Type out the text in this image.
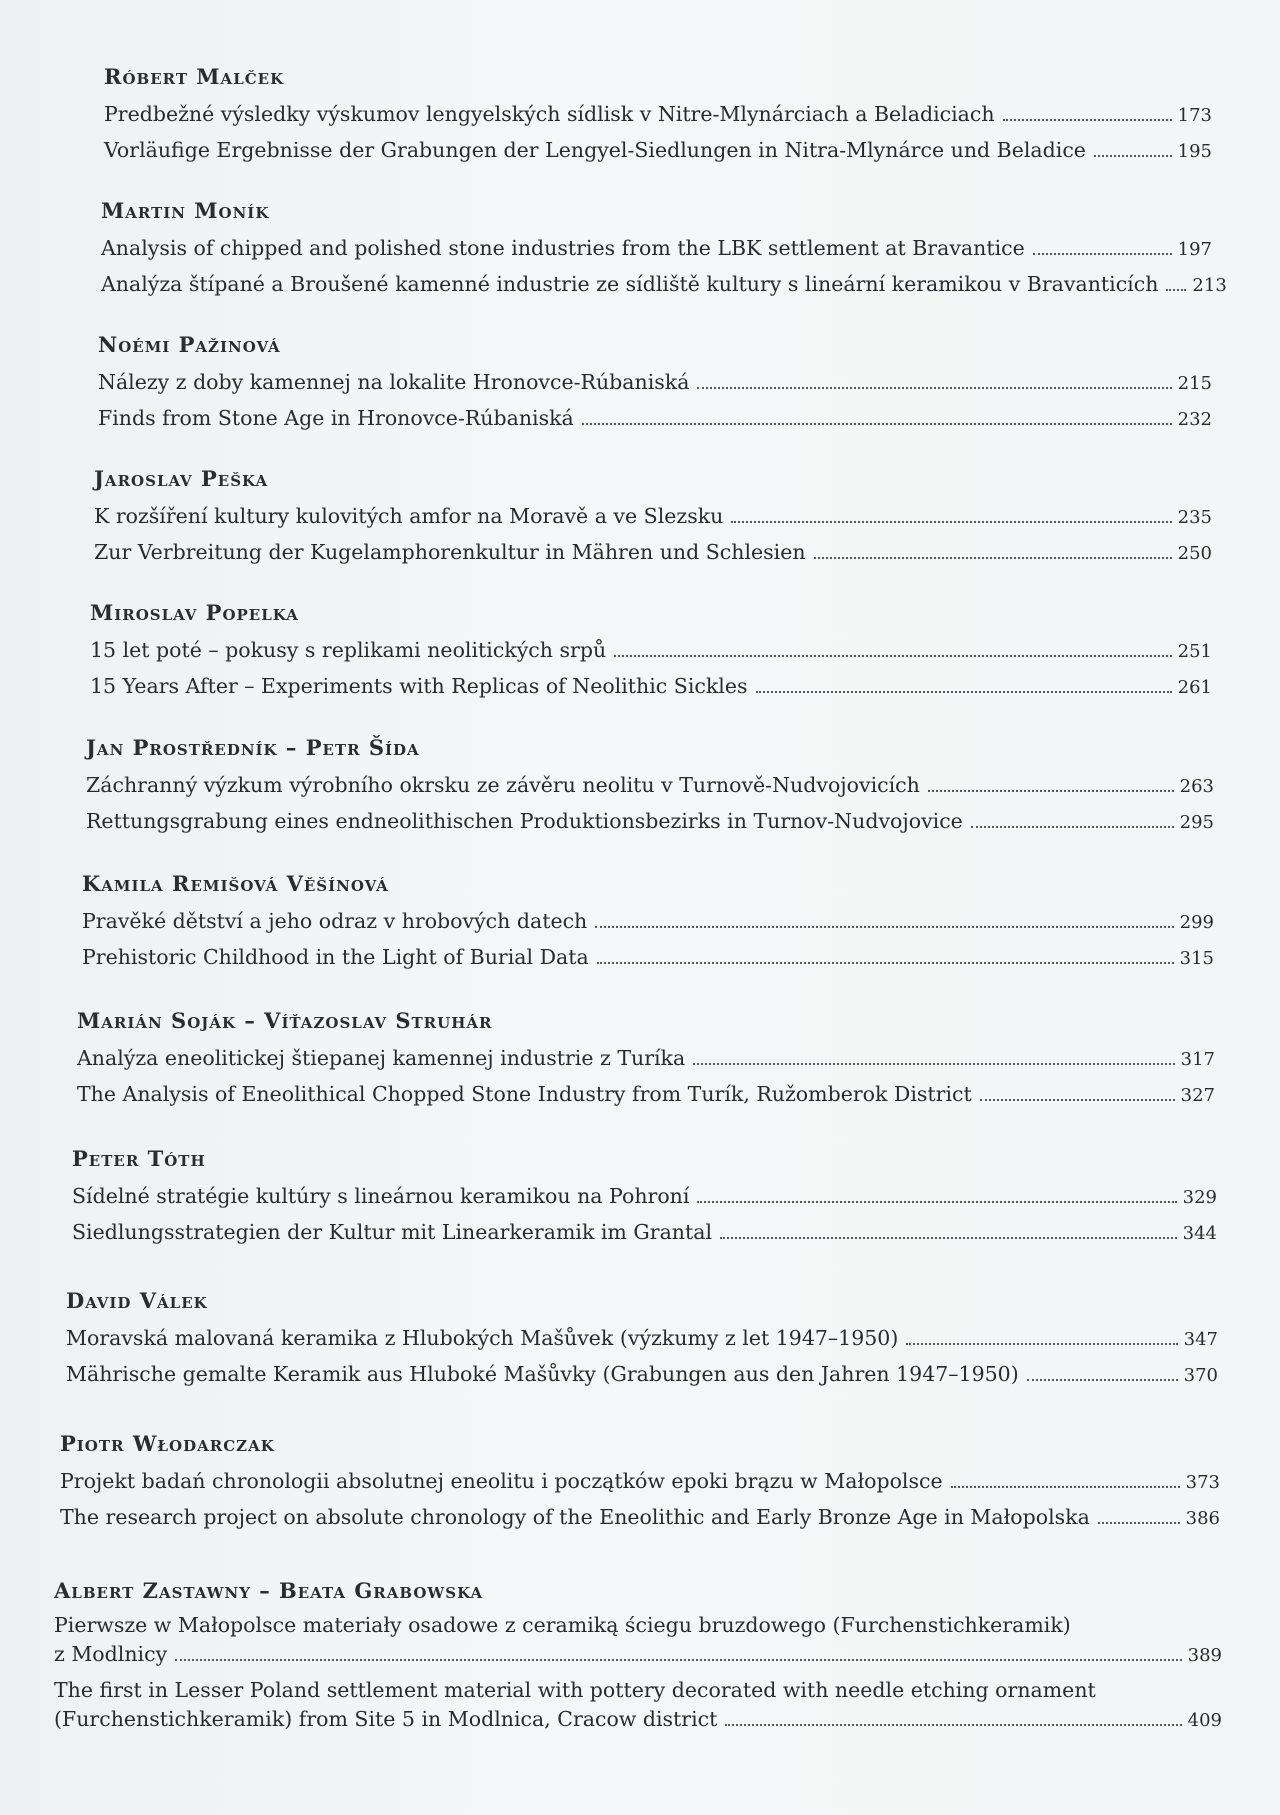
Róbert Malček
Predbežné výsledky výskumov lengyelských sídlisk v Nitre-Mlynárciach a Beladiciach	173
Vorläufige Ergebnisse der Grabungen der Lengyel-Siedlungen in Nitra-Mlynárce und Beladice	195
Martin Moník
Analysis of chipped and polished stone industries from the LBK settlement at Bravantice	197
Analýza štípané a Broušené kamenné industrie ze sídliště kultury s lineární keramikou v Bravanticích	213
Noémi Pažinová
Nálezy z doby kamennej na lokalite Hronovce-Rúbaniská	215
Finds from Stone Age in Hronovce-Rúbaniská	232
Jaroslav Peška
K rozšíření kultury kulovitých amfor na Moravě a ve Slezsku	235
Zur Verbreitung der Kugelamphorenkultur in Mähren und Schlesien	250
Miroslav Popelka
15 let poté – pokusy s replikami neolitických srpů	251
15 Years After – Experiments with Replicas of Neolithic Sickles	261
Jan Prostředník – Petr Šída
Záchranný výzkum výrobního okrsku ze závěru neolitu v Turnově-Nudvojovicích	263
Rettungsgrabung eines endneolithischen Produktionsbezirks in Turnov-Nudvojovice	295
Kamila Remišová Věšínová
Pravěké dětství a jeho odraz v hrobových datech	299
Prehistoric Childhood in the Light of Burial Data	315
Marián Soják – Víťazoslav Struhár
Analýza eneolitickej štiepanej kamennej industrie z Turíka	317
The Analysis of Eneolithical Chopped Stone Industry from Turík, Ružomberok District	327
Peter Tóth
Sídelné stratégie kultúry s lineárnou keramikou na Pohroní	329
Siedlungsstrategien der Kultur mit Linearkeramik im Grantal	344
David Válek
Moravská malovaná keramika z Hlubokých Mašůvek (výzkumy z let 1947–1950)	347
Mährische gemalte Keramik aus Hluboké Mašůvky (Grabungen aus den Jahren 1947–1950)	370
Piotr Włodarczak
Projekt badań chronologii absolutnej eneolitu i początków epoki brązu w Małopolsce	373
The research project on absolute chronology of the Eneolithic and Early Bronze Age in Małopolska	386
Albert Zastawny – Beata Grabowska
Pierwsze w Małopolsce materiały osadowe z ceramiką ściegu bruzdowego (Furchenstichkeramik)
z Modlnicy	389
The first in Lesser Poland settlement material with pottery decorated with needle etching ornament
(Furchenstichkeramik) from Site 5 in Modlnica, Cracow district	409
